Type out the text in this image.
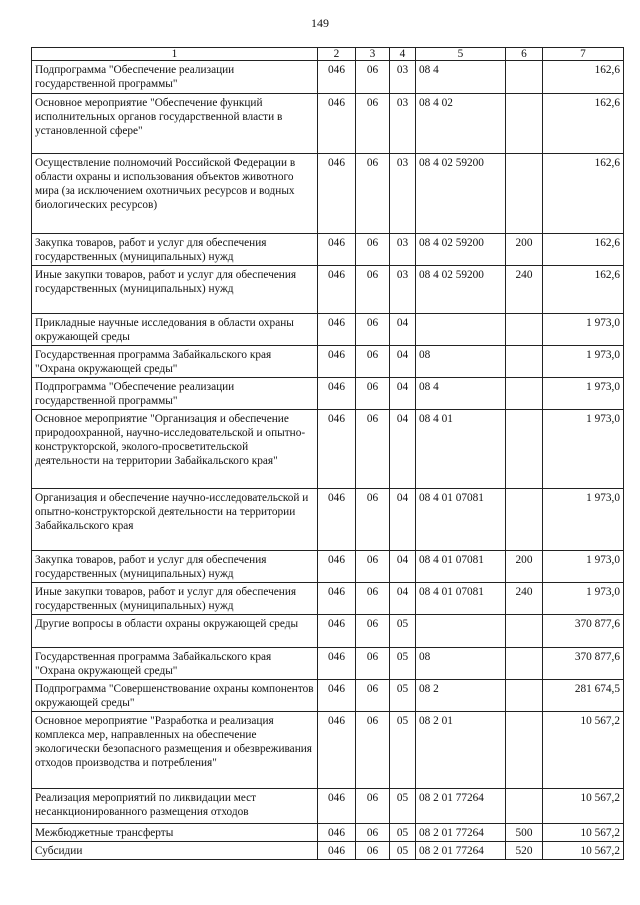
149
1	2	3	4	5	6	7
Подпрограмма "Обеспечение реализации государственной программы"	046	06	03	08 4		162,6
Основное мероприятие "Обеспечение функций исполнительных органов государственной власти в установленной сфере"	046	06	03	08 4 02		162,6
Осуществление полномочий Российской Федерации в области охраны и использования объектов животного мира (за исключением охотничьих ресурсов и водных биологических ресурсов)	046	06	03	08 4 02 59200		162,6
Закупка товаров, работ и услуг для обеспечения государственных (муниципальных) нужд	046	06	03	08 4 02 59200	200	162,6
Иные закупки товаров, работ и услуг для обеспечения государственных (муниципальных) нужд	046	06	03	08 4 02 59200	240	162,6
Прикладные научные исследования в области охраны окружающей среды	046	06	04			1 973,0
Государственная программа Забайкальского края "Охрана окружающей среды"	046	06	04	08		1 973,0
Подпрограмма "Обеспечение реализации государственной программы"	046	06	04	08 4		1 973,0
Основное мероприятие "Организация и обеспечение природоохранной, научно-исследовательской и опытно-конструкторской, эколого-просветительской деятельности на территории Забайкальского края"	046	06	04	08 4 01		1 973,0
Организация и обеспечение научно-исследовательской и опытно-конструкторской деятельности на территории Забайкальского края	046	06	04	08 4 01 07081		1 973,0
Закупка товаров, работ и услуг для обеспечения государственных (муниципальных) нужд	046	06	04	08 4 01 07081	200	1 973,0
Иные закупки товаров, работ и услуг для обеспечения государственных (муниципальных) нужд	046	06	04	08 4 01 07081	240	1 973,0
Другие вопросы в области охраны окружающей среды	046	06	05			370 877,6
Государственная программа Забайкальского края "Охрана окружающей среды"	046	06	05	08		370 877,6
Подпрограмма "Совершенствование охраны компонентов окружающей среды"	046	06	05	08 2		281 674,5
Основное мероприятие "Разработка и реализация комплекса мер, направленных на обеспечение экологически безопасного размещения и обезвреживания отходов производства и потребления"	046	06	05	08 2 01		10 567,2
Реализация мероприятий по ликвидации мест несанкционированного размещения отходов	046	06	05	08 2 01 77264		10 567,2
Межбюджетные трансферты	046	06	05	08 2 01 77264	500	10 567,2
Субсидии	046	06	05	08 2 01 77264	520	10 567,2
